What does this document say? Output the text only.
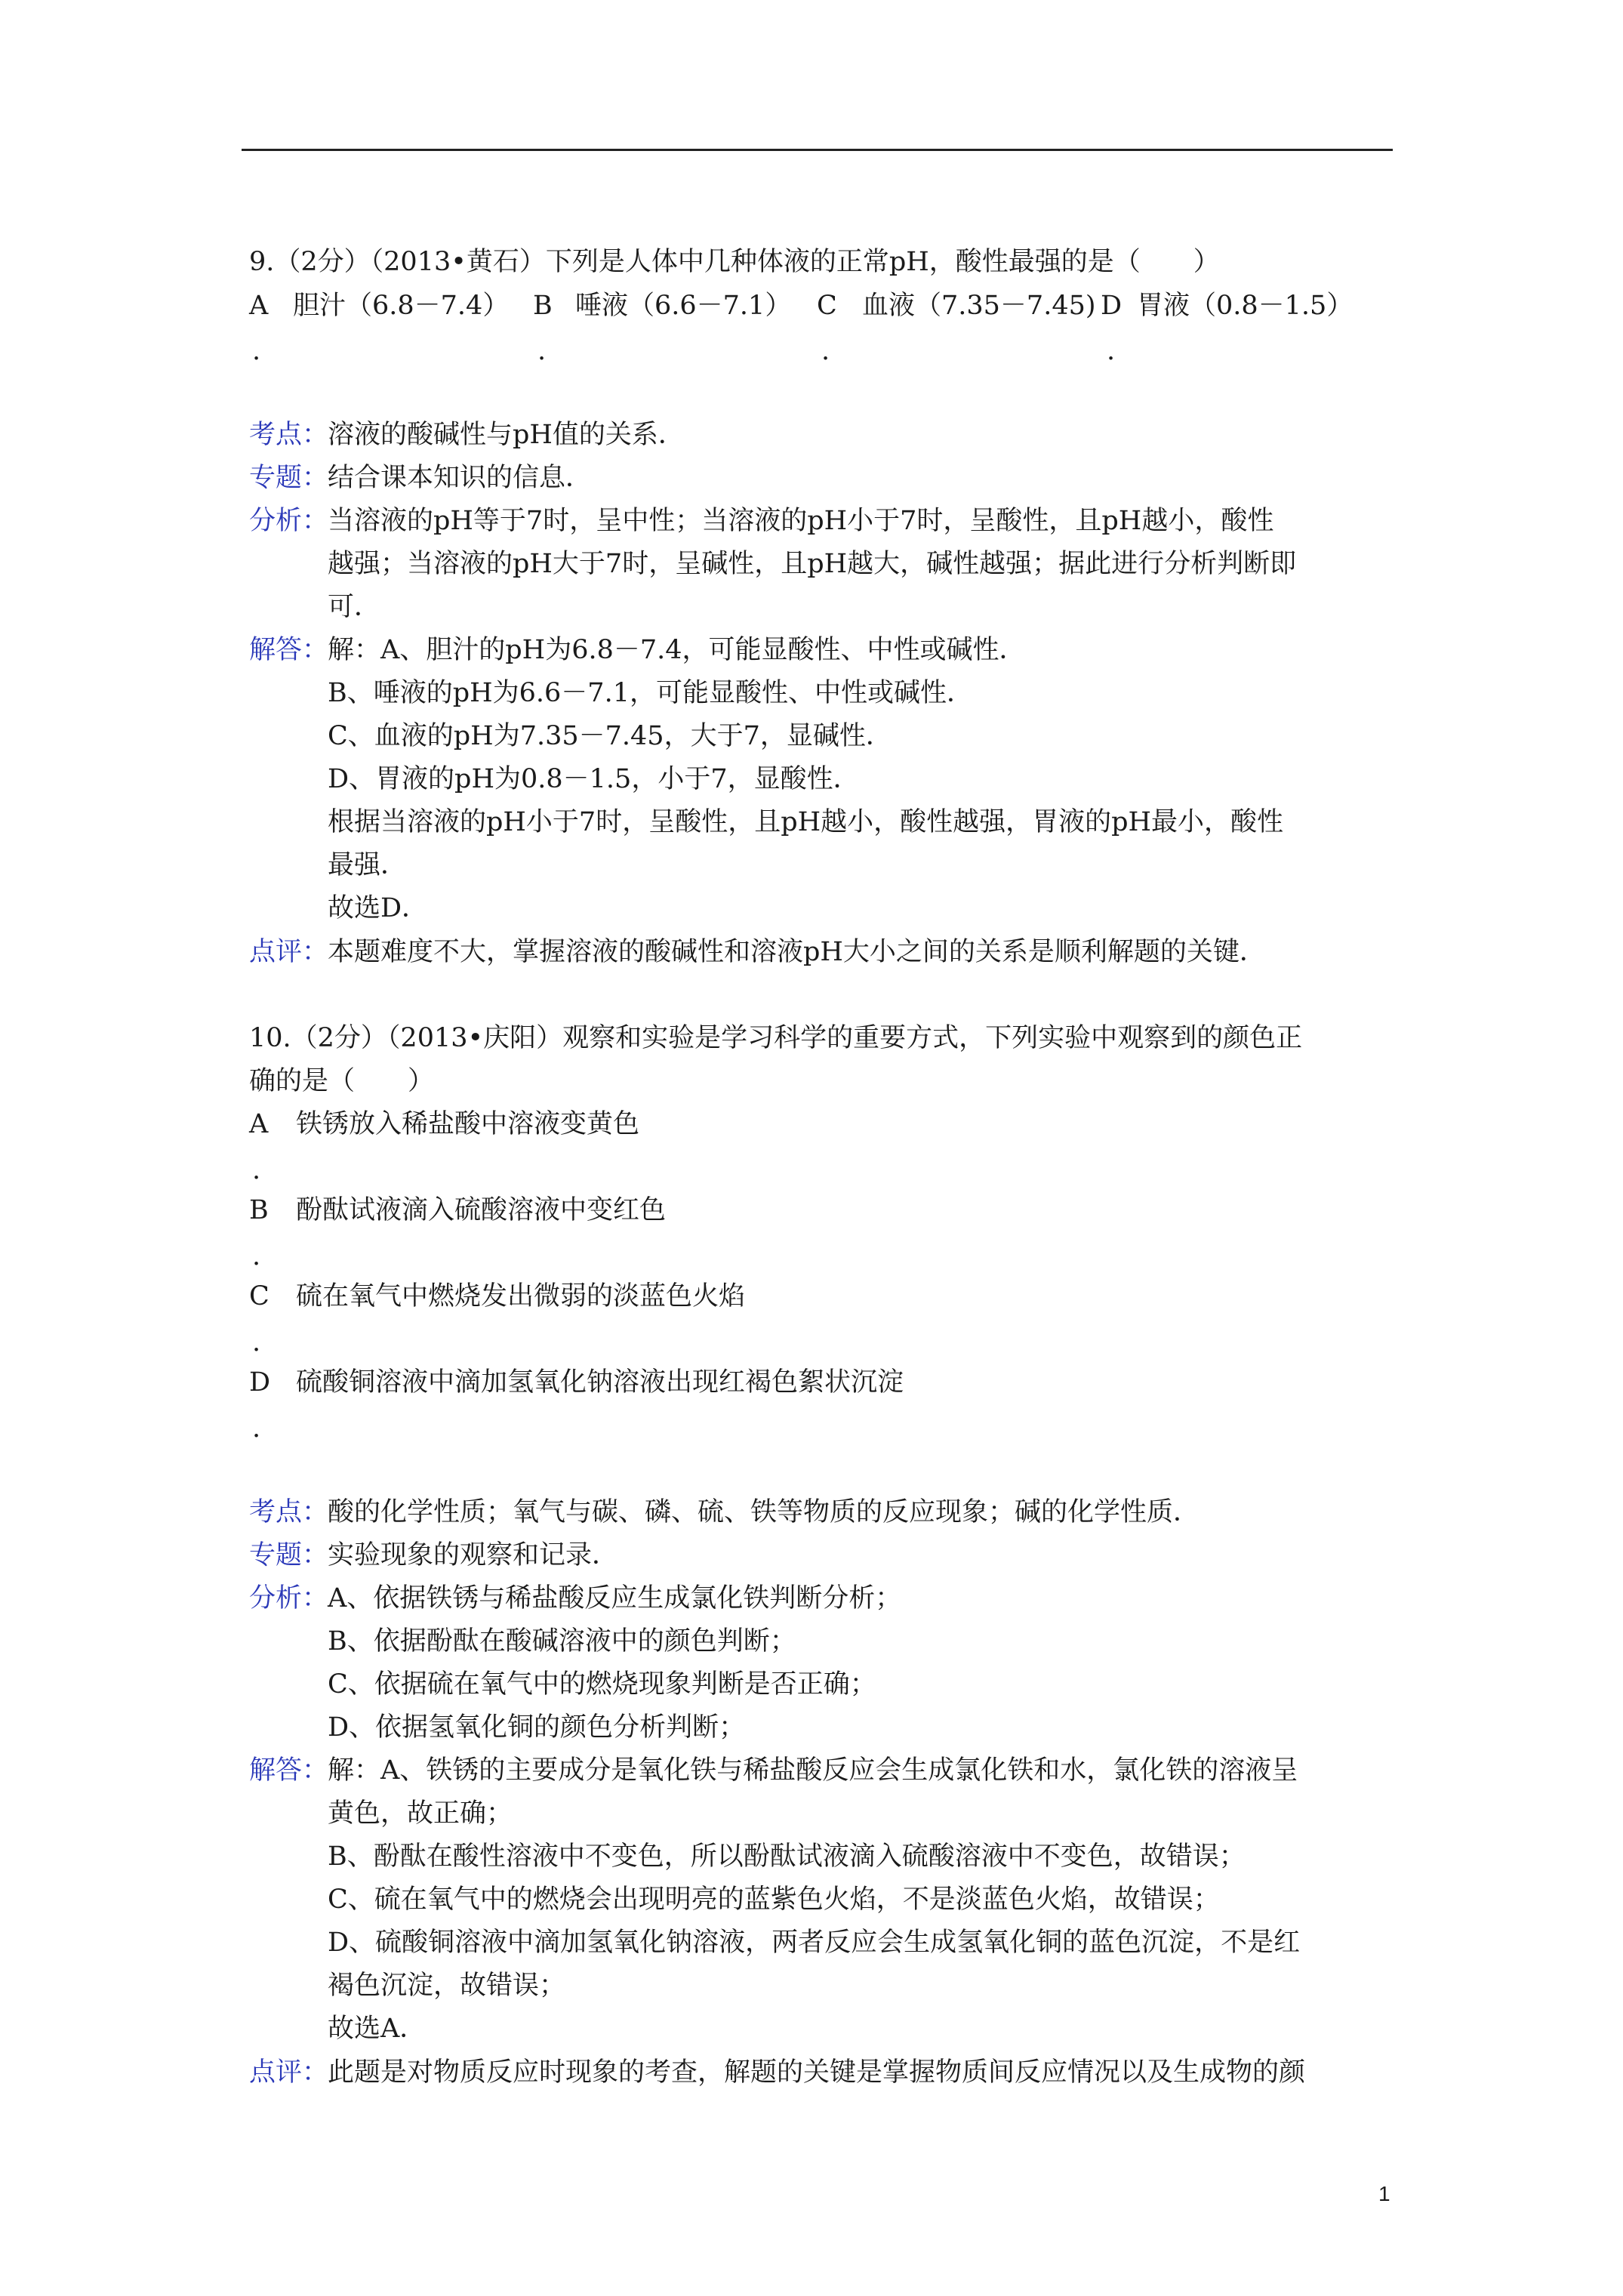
9.（2分）（2013•黄石）下列是人体中几种体液的正常pH，酸性最强的是（　　）
A 胆汁（6.8－7.4） B 唾液（6.6－7.1） C 血液（7.35－7.45) D 胃液（0.8－1.5）
.	.	.	.
考点：
溶液的酸碱性与pH值的关系．
专题：
结合课本知识的信息．
分析：
当溶液的pH等于7时，呈中性；当溶液的pH小于7时，呈酸性，且pH越小，酸性
越强；当溶液的pH大于7时，呈碱性，且pH越大，碱性越强；据此进行分析判断即
可．
解答：
解：A、胆汁的pH为6.8－7.4，可能显酸性、中性或碱性．
B、唾液的pH为6.6－7.1，可能显酸性、中性或碱性．
C、血液的pH为7.35－7.45，大于7，显碱性．
D、胃液的pH为0.8－1.5，小于7，显酸性．
根据当溶液的pH小于7时，呈酸性，且pH越小，酸性越强，胃液的pH最小，酸性
最强．
故选D．
点评：
本题难度不大，掌握溶液的酸碱性和溶液pH大小之间的关系是顺利解题的关键．
10.（2分）（2013•庆阳）观察和实验是学习科学的重要方式，下列实验中观察到的颜色正
确的是（　　）
A 铁锈放入稀盐酸中溶液变黄色
.
B 酚酞试液滴入硫酸溶液中变红色
.
C 硫在氧气中燃烧发出微弱的淡蓝色火焰
.
D 硫酸铜溶液中滴加氢氧化钠溶液出现红褐色絮状沉淀
.
考点：
酸的化学性质；氧气与碳、磷、硫、铁等物质的反应现象；碱的化学性质．
专题：
实验现象的观察和记录．
分析：
A、依据铁锈与稀盐酸反应生成氯化铁判断分析；
B、依据酚酞在酸碱溶液中的颜色判断；
C、依据硫在氧气中的燃烧现象判断是否正确；
D、依据氢氧化铜的颜色分析判断；
解答：
解：A、铁锈的主要成分是氧化铁与稀盐酸反应会生成氯化铁和水，氯化铁的溶液呈
黄色，故正确；
B、酚酞在酸性溶液中不变色，所以酚酞试液滴入硫酸溶液中不变色，故错误；
C、硫在氧气中的燃烧会出现明亮的蓝紫色火焰，不是淡蓝色火焰，故错误；
D、硫酸铜溶液中滴加氢氧化钠溶液，两者反应会生成氢氧化铜的蓝色沉淀，不是红
褐色沉淀，故错误；
故选A．
点评：
此题是对物质反应时现象的考查，解题的关键是掌握物质间反应情况以及生成物的颜
1
